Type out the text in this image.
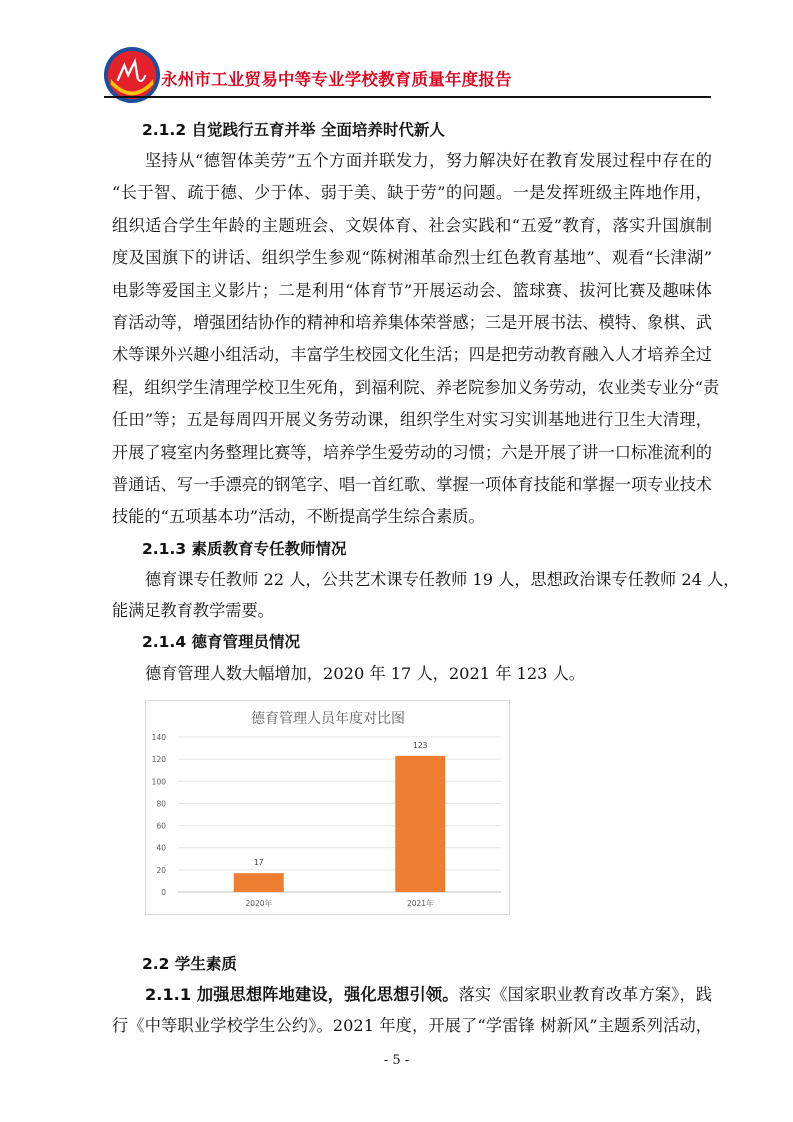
永州市工业贸易中等专业学校教育质量年度报告
2.1.2 自觉践行五育并举 全面培养时代新人
坚持从“德智体美劳”五个方面并联发力，努力解决好在教育发展过程中存在的
“长于智、疏于德、少于体、弱于美、缺于劳”的问题。一是发挥班级主阵地作用，
组织适合学生年龄的主题班会、文娱体育、社会实践和“五爱”教育，落实升国旗制
度及国旗下的讲话、组织学生参观“陈树湘革命烈士红色教育基地”、观看“长津湖”
电影等爱国主义影片；二是利用“体育节”开展运动会、篮球赛、拔河比赛及趣味体
育活动等，增强团结协作的精神和培养集体荣誉感；三是开展书法、模特、象棋、武
术等课外兴趣小组活动，丰富学生校园文化生活；四是把劳动教育融入人才培养全过
程，组织学生清理学校卫生死角，到福利院、养老院参加义务劳动，农业类专业分“责
任田”等；五是每周四开展义务劳动课，组织学生对实习实训基地进行卫生大清理，
开展了寝室内务整理比赛等，培养学生爱劳动的习惯；六是开展了讲一口标准流利的
普通话、写一手漂亮的钢笔字、唱一首红歌、掌握一项体育技能和掌握一项专业技术
技能的“五项基本功”活动，不断提高学生综合素质。
2.1.3 素质教育专任教师情况
德育课专任教师 22 人，公共艺术课专任教师 19 人，思想政治课专任教师 24 人，
能满足教育教学需要。
2.1.4 德育管理员情况
德育管理人数大幅增加，2020 年 17 人，2021 年 123 人。
德育管理人员年度对比图
0
20
40
60
80
100
120
140
17
2020年
123
2021年
2.2 学生素质
2.1.1 加强思想阵地建设，强化思想引领。落实《国家职业教育改革方案》，践
行《中等职业学校学生公约》。2021 年度，开展了“学雷锋 树新风”主题系列活动，
- 5 -
